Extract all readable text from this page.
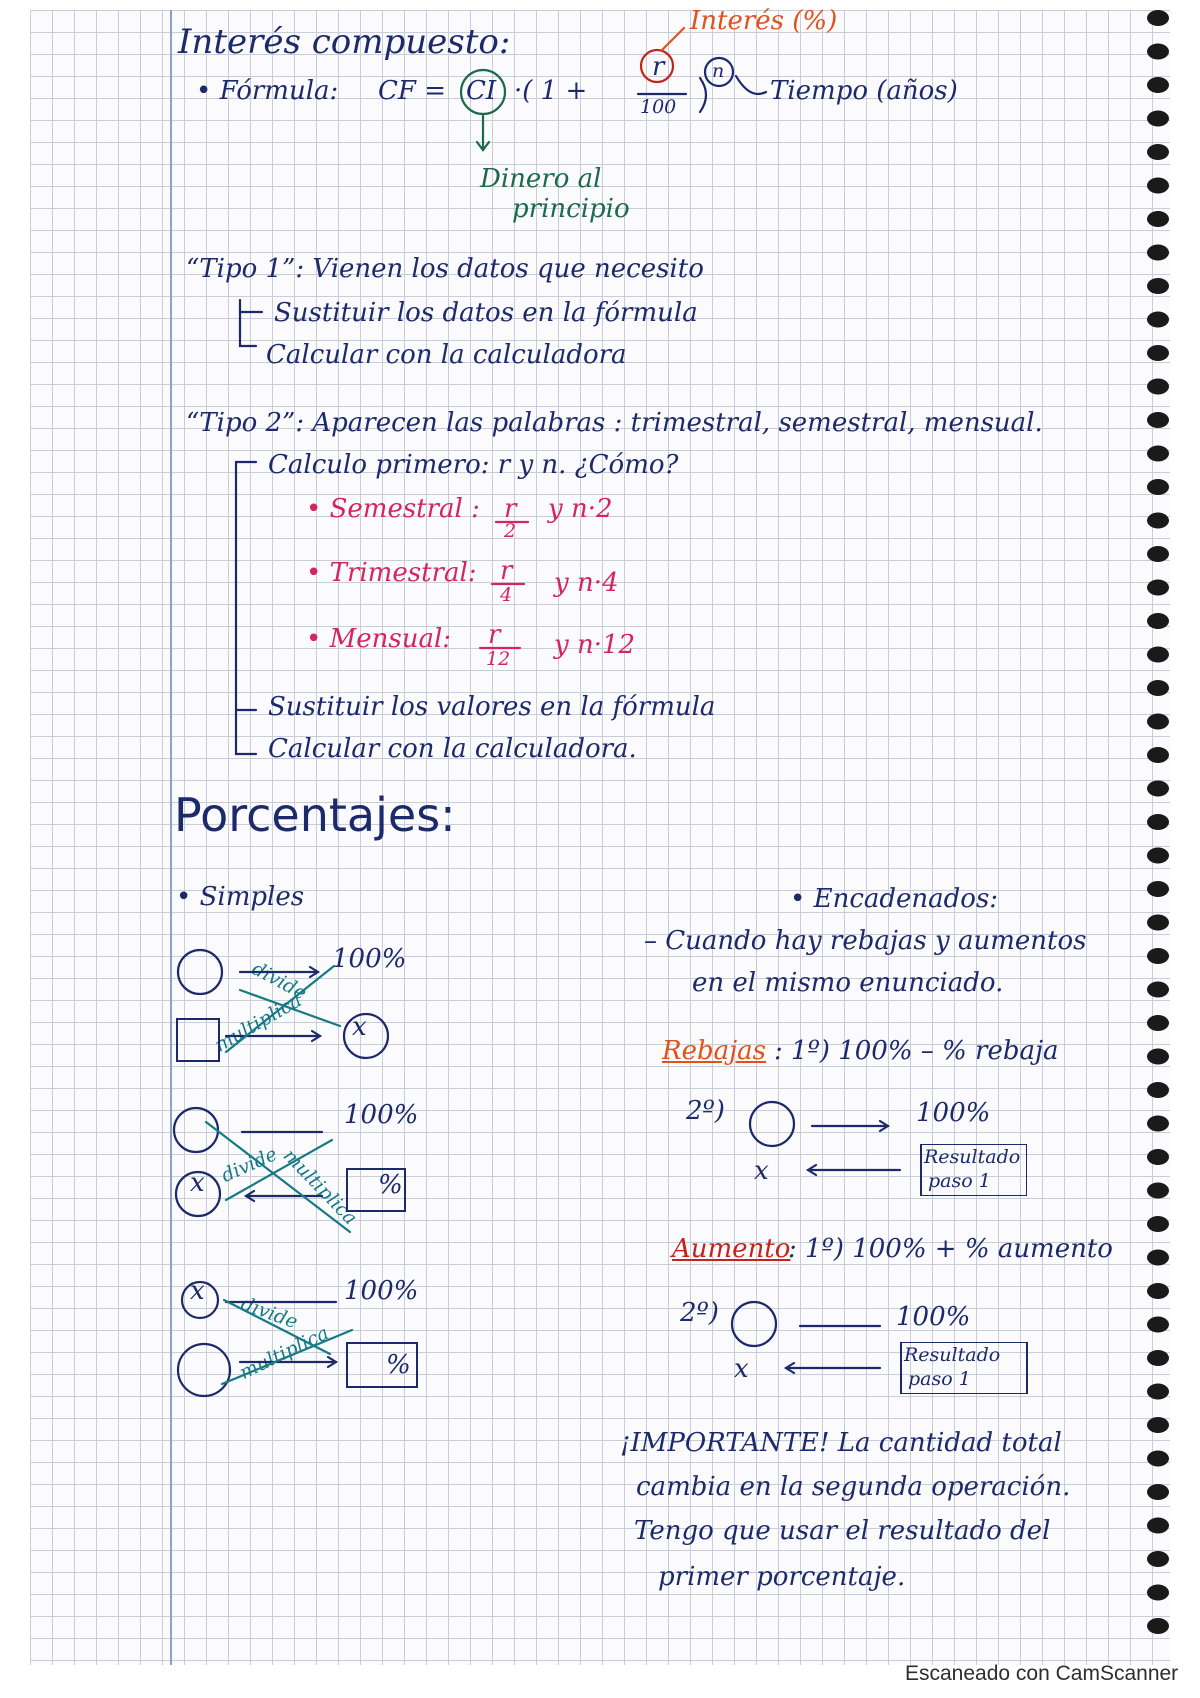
Interés compuesto:
Interés (%)
• Fórmula: CF = CI ·( 1 +
r
100
n
Tiempo (años)
Dinero al
principio
“Tipo 1”: Vienen los datos que necesito
Sustituir los datos en la fórmula
Calcular con la calculadora
“Tipo 2”: Aparecen las palabras : trimestral, semestral, mensual.
Calculo primero: r y n. ¿Cómo?
• Semestral : r
2
y n·2
• Trimestral: r
4 y n·4
• Mensual: r
12 y n·12
Sustituir los valores en la fórmula
Calcular con la calculadora.
Porcentajes:
• Simples
100%
divide
multiplica x
100%
divide
multiplica
x	%
100%
x
divide
multiplica %
• Encadenados:
– Cuando hay rebajas y aumentos
en el mismo enunciado.
Rebajas : 1º) 100% – % rebaja
2º)	100%
x	Resultado
paso 1
Aumento
: 1º) 100% + % aumento
2º)	100%
x	Resultado
paso 1
¡IMPORTANTE! La cantidad total
cambia en la segunda operación.
Tengo que usar el resultado del
primer porcentaje.
Escaneado con CamScanner
